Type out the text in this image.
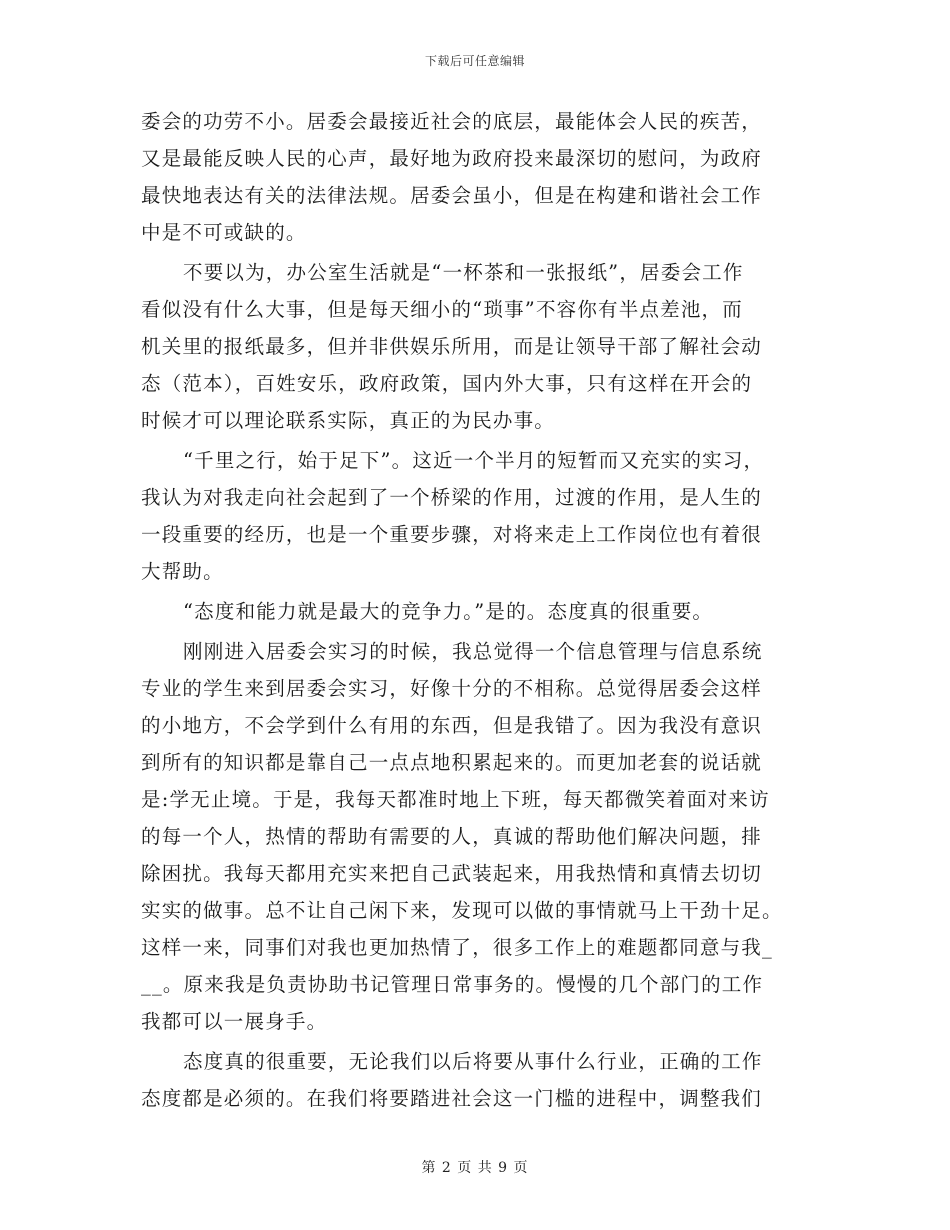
下载后可任意编辑
委会的功劳不小。居委会最接近社会的底层，最能体会人民的疾苦，
又是最能反映人民的心声，最好地为政府投来最深切的慰问，为政府
最快地表达有关的法律法规。居委会虽小，但是在构建和谐社会工作
中是不可或缺的。
不要以为，办公室生活就是“一杯茶和一张报纸”，居委会工作
看似没有什么大事，但是每天细小的“琐事”不容你有半点差池，而
机关里的报纸最多，但并非供娱乐所用，而是让领导干部了解社会动
态（范本），百姓安乐，政府政策，国内外大事，只有这样在开会的
时候才可以理论联系实际，真正的为民办事。
“千里之行，始于足下”。这近一个半月的短暂而又充实的实习，
我认为对我走向社会起到了一个桥梁的作用，过渡的作用，是人生的
一段重要的经历，也是一个重要步骤，对将来走上工作岗位也有着很
大帮助。
“态度和能力就是最大的竞争力。”是的。态度真的很重要。
刚刚进入居委会实习的时候，我总觉得一个信息管理与信息系统
专业的学生来到居委会实习，好像十分的不相称。总觉得居委会这样
的小地方，不会学到什么有用的东西，但是我错了。因为我没有意识
到所有的知识都是靠自己一点点地积累起来的。而更加老套的说话就
是:学无止境。于是，我每天都准时地上下班，每天都微笑着面对来访
的每一个人，热情的帮助有需要的人，真诚的帮助他们解决问题，排
除困扰。我每天都用充实来把自己武装起来，用我热情和真情去切切
实实的做事。总不让自己闲下来，发现可以做的事情就马上干劲十足。
这样一来，同事们对我也更加热情了，很多工作上的难题都同意与我_
__。原来我是负责协助书记管理日常事务的。慢慢的几个部门的工作
我都可以一展身手。
态度真的很重要，无论我们以后将要从事什么行业，正确的工作
态度都是必须的。在我们将要踏进社会这一门槛的进程中，调整我们
第 2 页 共 9 页
